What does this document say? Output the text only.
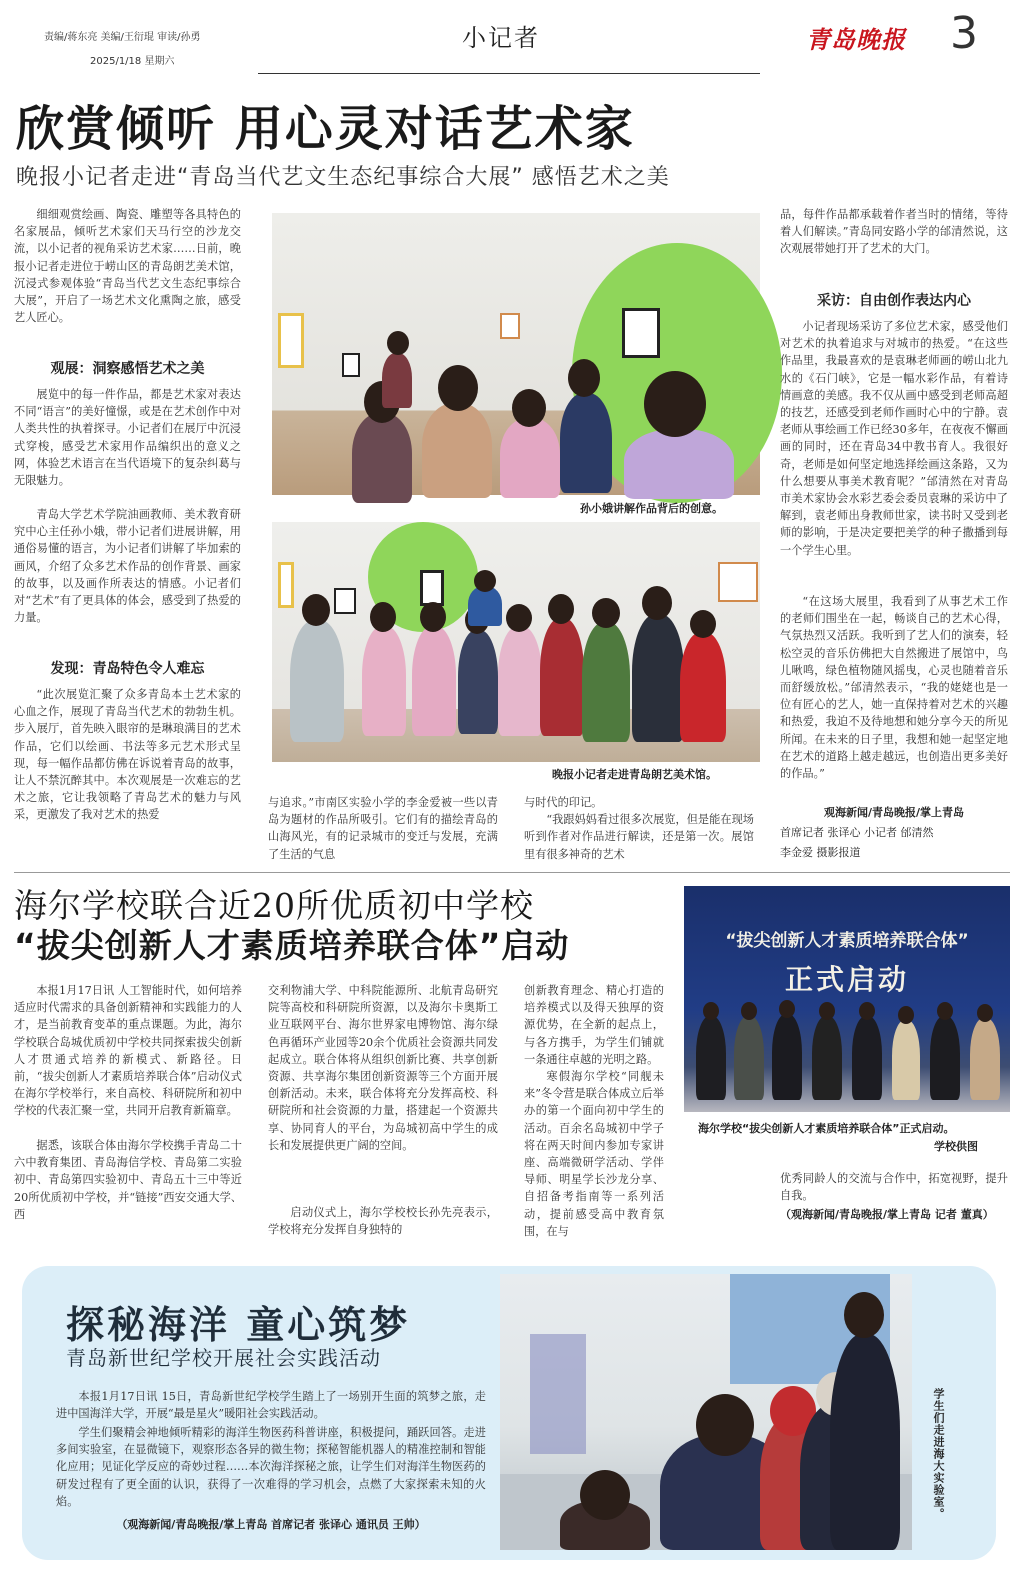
责编/蒋东亮 美编/王衍琨 审读/孙勇
2025/1/18 星期六
小记者	青岛晚报 3
欣赏倾听 用心灵对话艺术家
晚报小记者走进“青岛当代艺文生态纪事综合大展” 感悟艺术之美
细细观赏绘画、陶瓷、雕塑等各具特色的名家展品，倾听艺术家们天马行空的沙龙交流，以小记者的视角采访艺术家……日前，晚报小记者走进位于崂山区的青岛朗艺美术馆，沉浸式参观体验“青岛当代艺文生态纪事综合大展”，开启了一场艺术文化熏陶之旅，感受艺人匠心。
观展：洞察感悟艺术之美
展览中的每一件作品，都是艺术家对表达不同“语言”的美好憧憬，或是在艺术创作中对人类共性的执着探寻。小记者们在展厅中沉浸式穿梭，感受艺术家用作品编织出的意义之网，体验艺术语言在当代语境下的复杂纠葛与无限魅力。
青岛大学艺术学院油画教师、美术教育研究中心主任孙小娥，带小记者们进展讲解，用通俗易懂的语言，为小记者们讲解了毕加索的画风，介绍了众多艺术作品的创作背景、画家的故事，以及画作所表达的情感。小记者们对“艺术”有了更具体的体会，感受到了热爱的力量。
发现：青岛特色令人难忘
“此次展览汇聚了众多青岛本土艺术家的心血之作，展现了青岛当代艺术的勃勃生机。步入展厅，首先映入眼帘的是琳琅满目的艺术作品，它们以绘画、书法等多元艺术形式呈现，每一幅作品都仿佛在诉说着青岛的故事，让人不禁沉醉其中。本次观展是一次难忘的艺术之旅，它让我领略了青岛艺术的魅力与风采，更激发了我对艺术的热爱
孙小娥讲解作品背后的创意。
晚报小记者走进青岛朗艺美术馆。
与追求。”市南区实验小学的李金爱被一些以青岛为题材的作品所吸引。它们有的描绘青岛的山海风光，有的记录城市的变迁与发展，充满了生活的气息
与时代的印记。
“我跟妈妈看过很多次展览，但是能在现场听到作者对作品进行解读，还是第一次。展馆里有很多神奇的艺术
品，每件作品都承载着作者当时的情绪，等待着人们解读。”青岛同安路小学的邰清然说，这次观展带她打开了艺术的大门。
采访：自由创作表达内心
小记者现场采访了多位艺术家，感受他们对艺术的执着追求与对城市的热爱。“在这些作品里，我最喜欢的是袁琳老师画的崂山北九水的《石门峡》，它是一幅水彩作品，有着诗情画意的美感。我不仅从画中感受到老师高超的技艺，还感受到老师作画时心中的宁静。袁老师从事绘画工作已经30多年，在夜夜不懈画画的同时，还在青岛34中教书育人。我很好奇，老师是如何坚定地选择绘画这条路，又为什么想要从事美术教育呢？”邰清然在对青岛市美术家协会水彩艺委会委员袁琳的采访中了解到，袁老师出身教师世家，读书时又受到老师的影响，于是决定要把美学的种子撒播到每一个学生心里。
“在这场大展里，我看到了从事艺术工作的老师们围坐在一起，畅谈自己的艺术心得，气氛热烈又活跃。我听到了艺人们的演奏，轻松空灵的音乐仿佛把大自然搬进了展馆中，鸟儿啾鸣，绿色植物随风摇曳，心灵也随着音乐而舒缓放松。”邰清然表示，“我的姥姥也是一位有匠心的艺人，她一直保持着对艺术的兴趣和热爱，我迫不及待地想和她分享今天的所见所闻。在未来的日子里，我想和她一起坚定地在艺术的道路上越走越远，也创造出更多美好的作品。”
观海新闻/青岛晚报/掌上青岛
首席记者 张译心 小记者 邰清然
李金爱 摄影报道
海尔学校联合近20所优质初中学校
“拔尖创新人才素质培养联合体”启动
本报1月17日讯 人工智能时代，如何培养适应时代需求的具备创新精神和实践能力的人才，是当前教育变革的重点课题。为此，海尔学校联合岛城优质初中学校共同探索拔尖创新人才贯通式培养的新模式、新路径。日前，“拔尖创新人才素质培养联合体”启动仪式在海尔学校举行，来自高校、科研院所和初中学校的代表汇聚一堂，共同开启教育新篇章。
据悉，该联合体由海尔学校携手青岛二十六中教育集团、青岛海信学校、青岛第二实验初中、青岛第四实验初中、青岛五十三中等近20所优质初中学校，并“链接”西安交通大学、西
交利物浦大学、中科院能源所、北航青岛研究院等高校和科研院所资源，以及海尔卡奥斯工业互联网平台、海尔世界家电博物馆、海尔绿色再循环产业园等20余个优质社会资源共同发起成立。联合体将从组织创新比赛、共享创新资源、共享海尔集团创新资源等三个方面开展创新活动。未来，联合体将充分发挥高校、科研院所和社会资源的力量，搭建起一个资源共享、协同育人的平台，为岛城初高中学生的成长和发展提供更广阔的空间。
启动仪式上，海尔学校校长孙先亮表示，学校将充分发挥自身独特的
创新教育理念、精心打造的培养模式以及得天独厚的资源优势，在全新的起点上，与各方携手，为学生们铺就一条通往卓越的光明之路。
寒假海尔学校“同舰未来”冬令营是联合体成立后举办的第一个面向初中学生的活动。百余名岛城初中学子将在两天时间内参加专家讲座、高端微研学活动、学伴导师、明星学长沙龙分享、自招备考指南等一系列活动，提前感受高中教育氛围，在与
“拔尖创新人才素质培养联合体”
正式启动
海尔学校“拔尖创新人才素质培养联合体”正式启动。
学校供图
优秀同龄人的交流与合作中，拓宽视野，提升自我。
（观海新闻/青岛晚报/掌上青岛 记者 董真）
探秘海洋 童心筑梦
青岛新世纪学校开展社会实践活动
本报1月17日讯 15日，青岛新世纪学校学生踏上了一场别开生面的筑梦之旅，走进中国海洋大学，开展“最是星火”暖阳社会实践活动。
学生们聚精会神地倾听精彩的海洋生物医药科普讲座，积极提问，踊跃回答。走进多间实验室，在显微镜下，观察形态各异的微生物；探秘智能机器人的精准控制和智能化应用；见证化学反应的奇妙过程……本次海洋探秘之旅，让学生们对海洋生物医药的研发过程有了更全面的认识，获得了一次难得的学习机会，点燃了大家探索未知的火焰。
（观海新闻/青岛晚报/掌上青岛 首席记者 张译心 通讯员 王帅）
学生们走进海大实验室。
